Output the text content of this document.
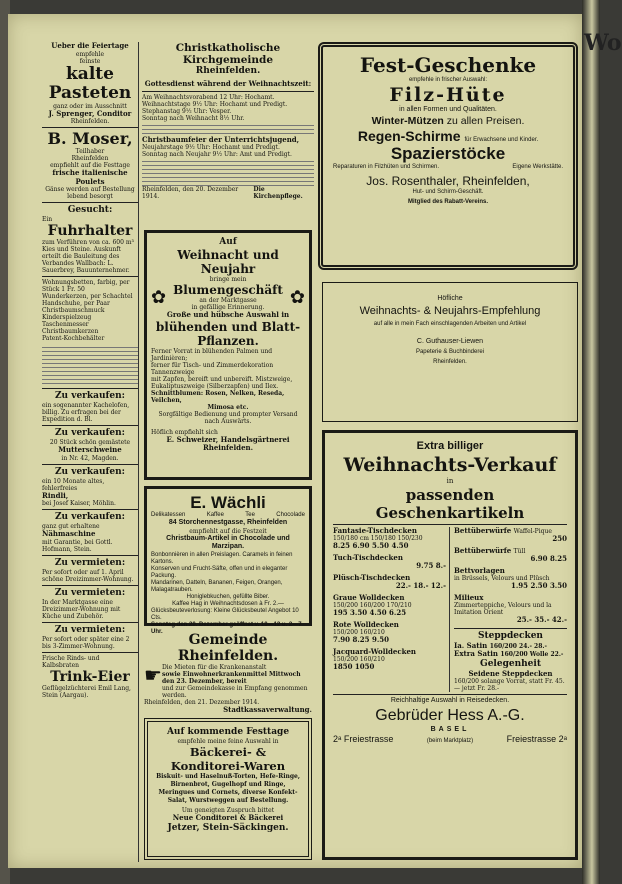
Wo

Ueber die Feiertage

empfehle

feinste

kalte Pasteten

ganz oder im Ausschnitt

J. Sprenger, Conditor

Rheinfelden.

B. Moser,

Teilhaber

Rheinfelden

empfiehlt auf die Festtage

frische italienische Poulets

Gänse werden auf Bestellung

lebend besorgt

Gesucht:

Ein

Fuhrhalter

zum Verführen von ca. 600 m³ Kies und Steine. Auskunft erteilt die Bauleitung des Verbandes Wallbach: L. Sauerbrey, Bauunternehmer.

Wohnungsbetten, farbig, per Stück 1 Fr. 50

Wunderkerzen, per Schachtel

Handschuhe, per Paar

Christbaumschmuck

Kinderspielzeug

Taschenmesser

Christbaumkerzen

Patent-Kochbehälter

Zu verkaufen:

ein sogenannter Kachelofen, billig. Zu erfragen bei der Expedition d. Bl.

Zu verkaufen:

20 Stück schön gemästete

Mutterschweine

in Nr. 42, Magden.

Zu verkaufen:

ein 10 Monate altes, fehlerfreies

Rindli,

bei Josef Kaiser, Möhlin.

Zu verkaufen:

ganz gut erhaltene

Nähmaschine

mit Garantie, bei Gottl. Hofmann, Stein.

Zu vermieten:

Per sofort oder auf 1. April schöne Dreizimmer-Wohnung.

Zu vermieten:

In der Marktgasse eine Dreizimmer-Wohnung mit Küche und Zubehör.

Zu vermieten:

Per sofort oder später eine 2 bis 3-Zimmer-Wohnung.

Frische Rinds- und Kalbsbraten

Trink-Eier

Geflügelzüchterei Emil Lang, Stein (Aargau).

Christkatholische Kirchgemeinde

Rheinfelden.

Gottesdienst während der Weihnachtszeit:

Am Weihnachtsvorabend 12 Uhr: Hochamt.

Weihnachtstage 9½ Uhr: Hochamt und Predigt.

Stephanstag 9½ Uhr: Vesper.

Sonntag nach Weihnacht 8½ Uhr.

Christbaumfeier der Unterrichtsjugend,

Neujahrstage 9½ Uhr: Hochamt und Predigt.

Sonntag nach Neujahr 9½ Uhr: Amt und Predigt.

Rheinfelden, den 20. Dezember 1914.
Die Kirchenpflege.

Auf

Weihnacht und Neujahr

bringe mein

✿ Blumengeschäft

an der Marktgasse

in gefällige Erinnerung.	✿

Große und hübsche Auswahl in

blühenden und Blatt-Pflanzen.

Ferner Vorrat in blühenden Palmen und Jardinièren;

ferner für Tisch- und Zimmerdekoration Tannenzweige

mit Zapfen, bereift und unbereift. Mistzweige,

Eukaliptuszweige (Silberzapfen) und Ilex.

Schnittblumen: Rosen, Nelken, Reseda, Veilchen,

Mimosa etc.

Sorgfältige Bedienung und prompter Versand

nach Auswärts.

Höflich empfiehlt sich

E. Schweizer, Handelsgärtnerei

Rheinfelden.

E. Wächli

Delikatessen	Kaffee	Tee	Chocolade

84 Storchennestgasse, Rheinfelden

empfiehlt auf die Festzeit

Christbaum-Artikel in Chocolade und Marzipan.

Bonbonnièren in allen Preislagen. Caramels in feinen Kartons.

Konserven und Frucht-Säfte, offen und in eleganter Packung.

Mandarinen, Datteln, Bananen, Feigen, Orangen, Malagatrauben.

Honiglebkuchen, gefüllte Biber.

Kaffee Hag in Weihnachtsdosen à Fr. 2.—

Glücksbeuteverlosung: Kleine Glücksbeutel Angebot 10 Cts.

Sonntag den 20. Dezember geöffnet v. 10—12 u. 2—7 Uhr.

Gemeinde Rheinfelden.

☛ Die Mieten für die Krankenanstalt

sowie Einwohnerkrankenmittel Mittwoch

den 23. Dezember, bereit

und zur Gemeindekasse in Empfang genommen

werden.

Rheinfelden, den 21. Dezember 1914.

Stadtkassaverwaltung.

Auf kommende Festtage

empfehle meine feine Auswahl in

Bäckerei- & Konditorei-Waren

Biskuit- und Haselnuß-Torten, Hefe-Ringe, Birnenbrot, Gugelhopf und Ringe, Meringues und Cornets, diverse Konfekt-Salat, Wurstweggen auf Bestellung.

Um geneigten Zuspruch bittet

Neue Conditorei & Bäckerei

Jetzer, Stein-Säckingen.

Fest-Geschenke

empfehle in frischer Auswahl:

Filz-Hüte

in allen Formen und Qualitäten.

Winter-Mützen zu allen Preisen.

Regen-Schirme für Erwachsene und Kinder.

Spazierstöcke

Reparaturen in Filzhüten und Schirmen.	Eigene Werkstätte.

Jos. Rosenthaler, Rheinfelden,

Hut- und Schirm-Geschäft.

Mitglied des Rabatt-Vereins.

Höfliche

Weihnachts- & Neujahrs-Empfehlung

auf alle in mein Fach einschlagenden Arbeiten und Artikel

C. Guthauser-Liewen

Papeterie & Buchbinderei

Rheinfelden.

Extra billiger

Weihnachts-Verkauf

in

passenden Geschenkartikeln

Fantasie-Tischdecken

150/180 cm 150/180 150/230

8.25 6.90 5.50 4.50

Tuch-Tischdecken

9.75 8.-

Plüsch-Tischdecken

22.- 18.- 12.-

Graue Wolldecken

150/200 160/200 170/210

195 3.50 4.50 6.25

Rote Wolldecken

150/200 160/210

7.90 8.25 9.50

Jacquard-Wolldecken

150/200 160/210

1850 1050

Bettüberwürfe Waffel-Pique

250

Bettüberwürfe Tüll

6.90 8.25

Bettvorlagen

in Brüssels, Velours und Plüsch

1.95 2.50 3.50

Milieux

Zimmerteppiche, Velours und la Imitation Orient

25.- 35.- 42.-

Steppdecken

Ia. Satin 160/200 24.- 28.-

Extra Satin 160/200 Wolle 22.-

Gelegenheit

Seidene Steppdecken

160/200 solange Vorrat, statt Fr. 45.— jetzt Fr. 28.-

Reichhaltige Auswahl in Reisedecken.

Gebrüder Hess A.-G.

BASEL

2ᵃ Freiestrasse	(beim Marktplatz)	Freiestrasse 2ᵃ
